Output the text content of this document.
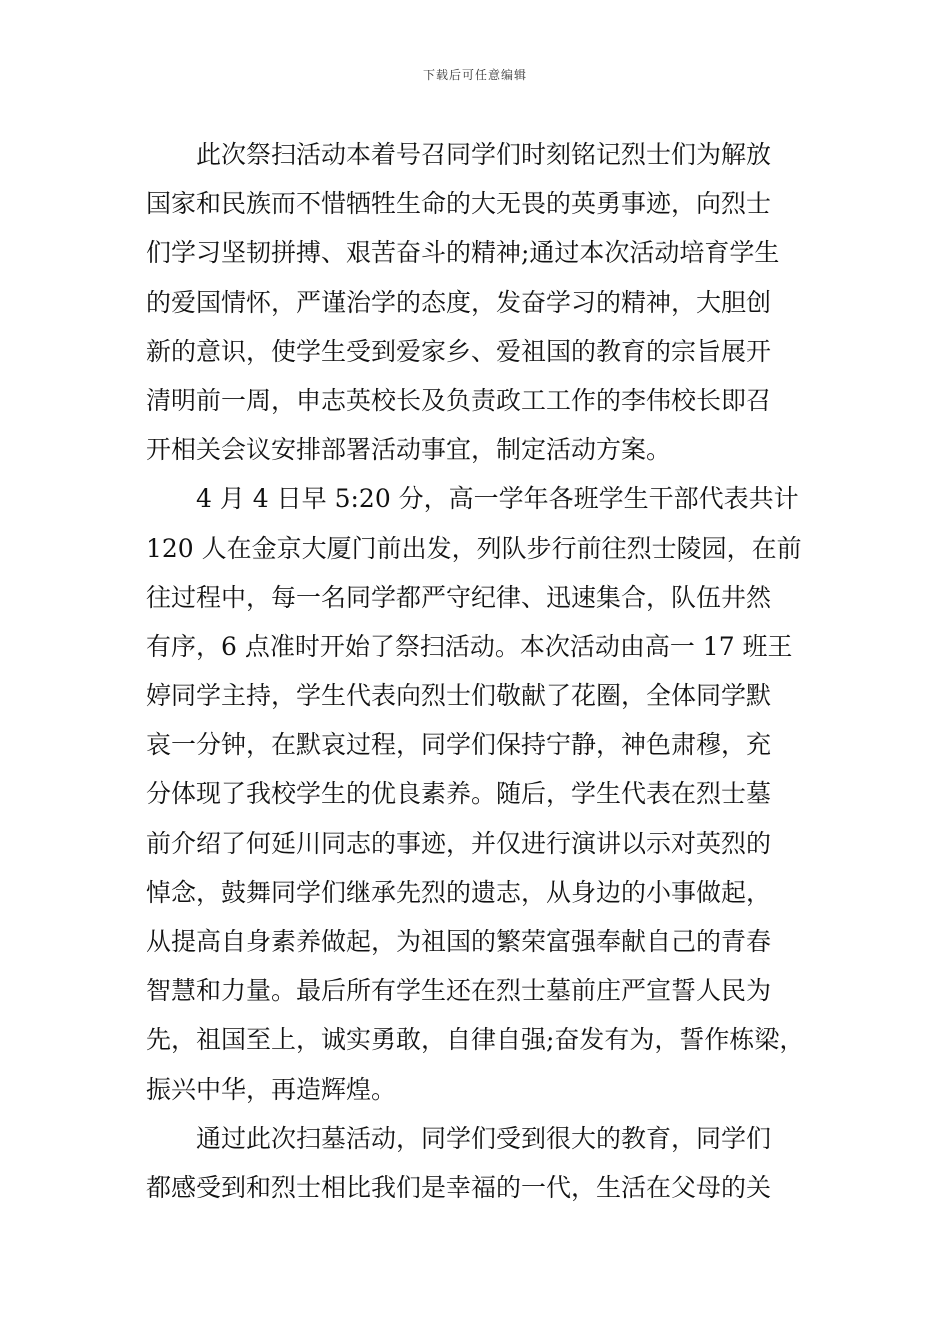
下载后可任意编辑
此次祭扫活动本着号召同学们时刻铭记烈士们为解放
国家和民族而不惜牺牲生命的大无畏的英勇事迹，向烈士
们学习坚韧拼搏、艰苦奋斗的精神;通过本次活动培育学生
的爱国情怀，严谨治学的态度，发奋学习的精神，大胆创
新的意识，使学生受到爱家乡、爱祖国的教育的宗旨展开
清明前一周，申志英校长及负责政工工作的李伟校长即召
开相关会议安排部署活动事宜，制定活动方案。
4 月 4 日早 5:20 分，高一学年各班学生干部代表共计
120 人在金京大厦门前出发，列队步行前往烈士陵园，在前
往过程中，每一名同学都严守纪律、迅速集合，队伍井然
有序，6 点准时开始了祭扫活动。本次活动由高一 17 班王
婷同学主持，学生代表向烈士们敬献了花圈，全体同学默
哀一分钟，在默哀过程，同学们保持宁静，神色肃穆，充
分体现了我校学生的优良素养。随后，学生代表在烈士墓
前介绍了何延川同志的事迹，并仅进行演讲以示对英烈的
悼念，鼓舞同学们继承先烈的遗志，从身边的小事做起，
从提高自身素养做起，为祖国的繁荣富强奉献自己的青春
智慧和力量。最后所有学生还在烈士墓前庄严宣誓人民为
先，祖国至上，诚实勇敢，自律自强;奋发有为，誓作栋梁，
振兴中华，再造辉煌。
通过此次扫墓活动，同学们受到很大的教育，同学们
都感受到和烈士相比我们是幸福的一代，生活在父母的关
